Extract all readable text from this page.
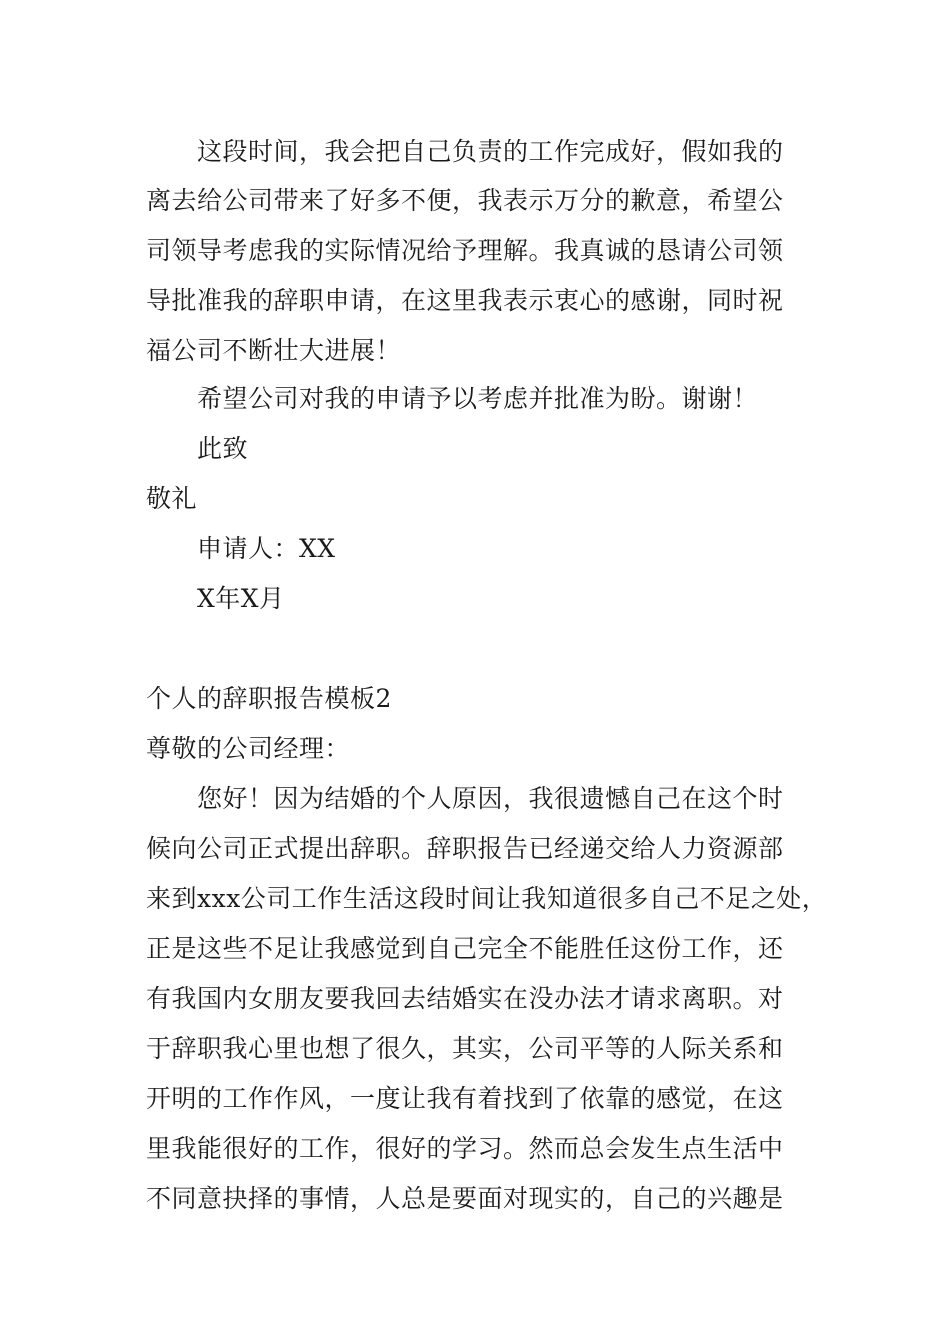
这段时间，我会把自己负责的工作完成好，假如我的
离去给公司带来了好多不便，我表示万分的歉意，希望公
司领导考虑我的实际情况给予理解。我真诚的恳请公司领
导批准我的辞职申请，在这里我表示衷心的感谢，同时祝
福公司不断壮大进展！
希望公司对我的申请予以考虑并批准为盼。谢谢！
此致
敬礼
申请人：XX
X年X月
个人的辞职报告模板2
尊敬的公司经理：
您好！因为结婚的个人原因，我很遗憾自己在这个时
候向公司正式提出辞职。辞职报告已经递交给人力资源部
来到xxx公司工作生活这段时间让我知道很多自己不足之处，
正是这些不足让我感觉到自己完全不能胜任这份工作，还
有我国内女朋友要我回去结婚实在没办法才请求离职。对
于辞职我心里也想了很久，其实，公司平等的人际关系和
开明的工作作风，一度让我有着找到了依靠的感觉，在这
里我能很好的工作，很好的学习。然而总会发生点生活中
不同意抉择的事情，人总是要面对现实的，自己的兴趣是
